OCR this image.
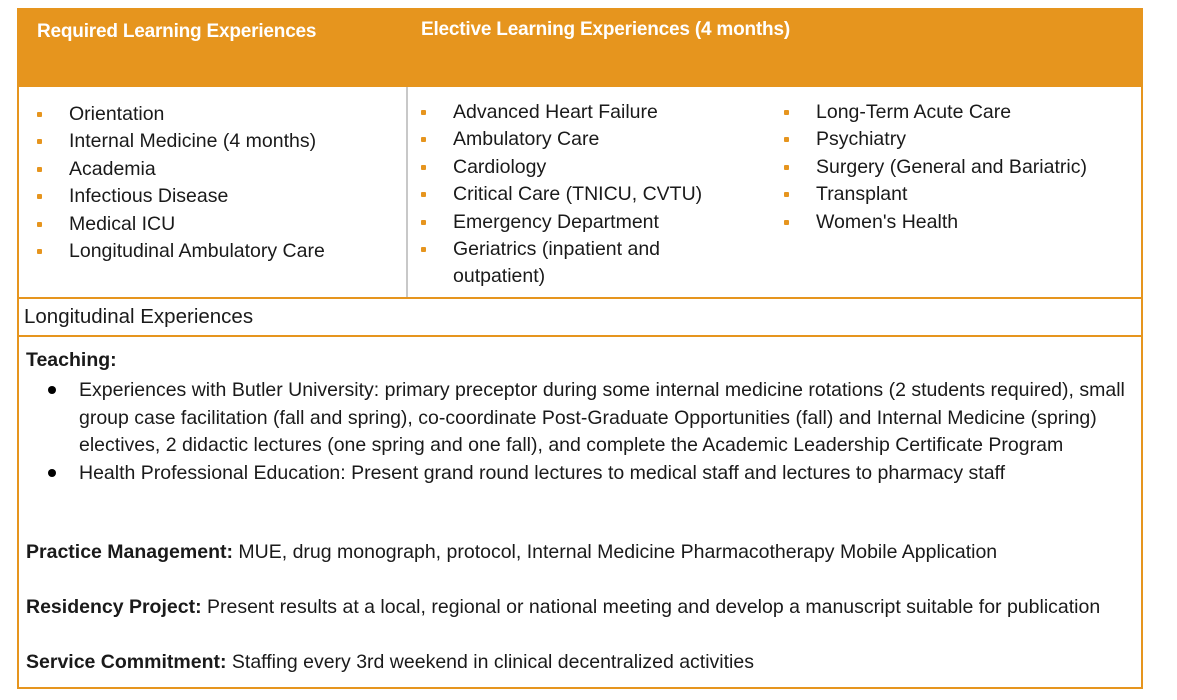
Required Learning Experiences	Elective Learning Experiences (4 months)
Orientation
Internal Medicine (4 months)
Academia
Infectious Disease
Medical ICU
Longitudinal Ambulatory Care
Advanced Heart Failure
Ambulatory Care
Cardiology
Critical Care (TNICU, CVTU)
Emergency Department
Geriatrics (inpatient and outpatient)
Long-Term Acute Care
Psychiatry
Surgery (General and Bariatric)
Transplant
Women's Health
Longitudinal Experiences
Teaching:
Experiences with Butler University: primary preceptor during some internal medicine rotations (2 students required), small group case facilitation (fall and spring), co-coordinate Post-Graduate Opportunities (fall) and Internal Medicine (spring) electives, 2 didactic lectures (one spring and one fall), and complete the Academic Leadership Certificate Program
Health Professional Education: Present grand round lectures to medical staff and lectures to pharmacy staff
Practice Management: MUE, drug monograph, protocol, Internal Medicine Pharmacotherapy Mobile Application
Residency Project: Present results at a local, regional or national meeting and develop a manuscript suitable for publication
Service Commitment: Staffing every 3rd weekend in clinical decentralized activities
